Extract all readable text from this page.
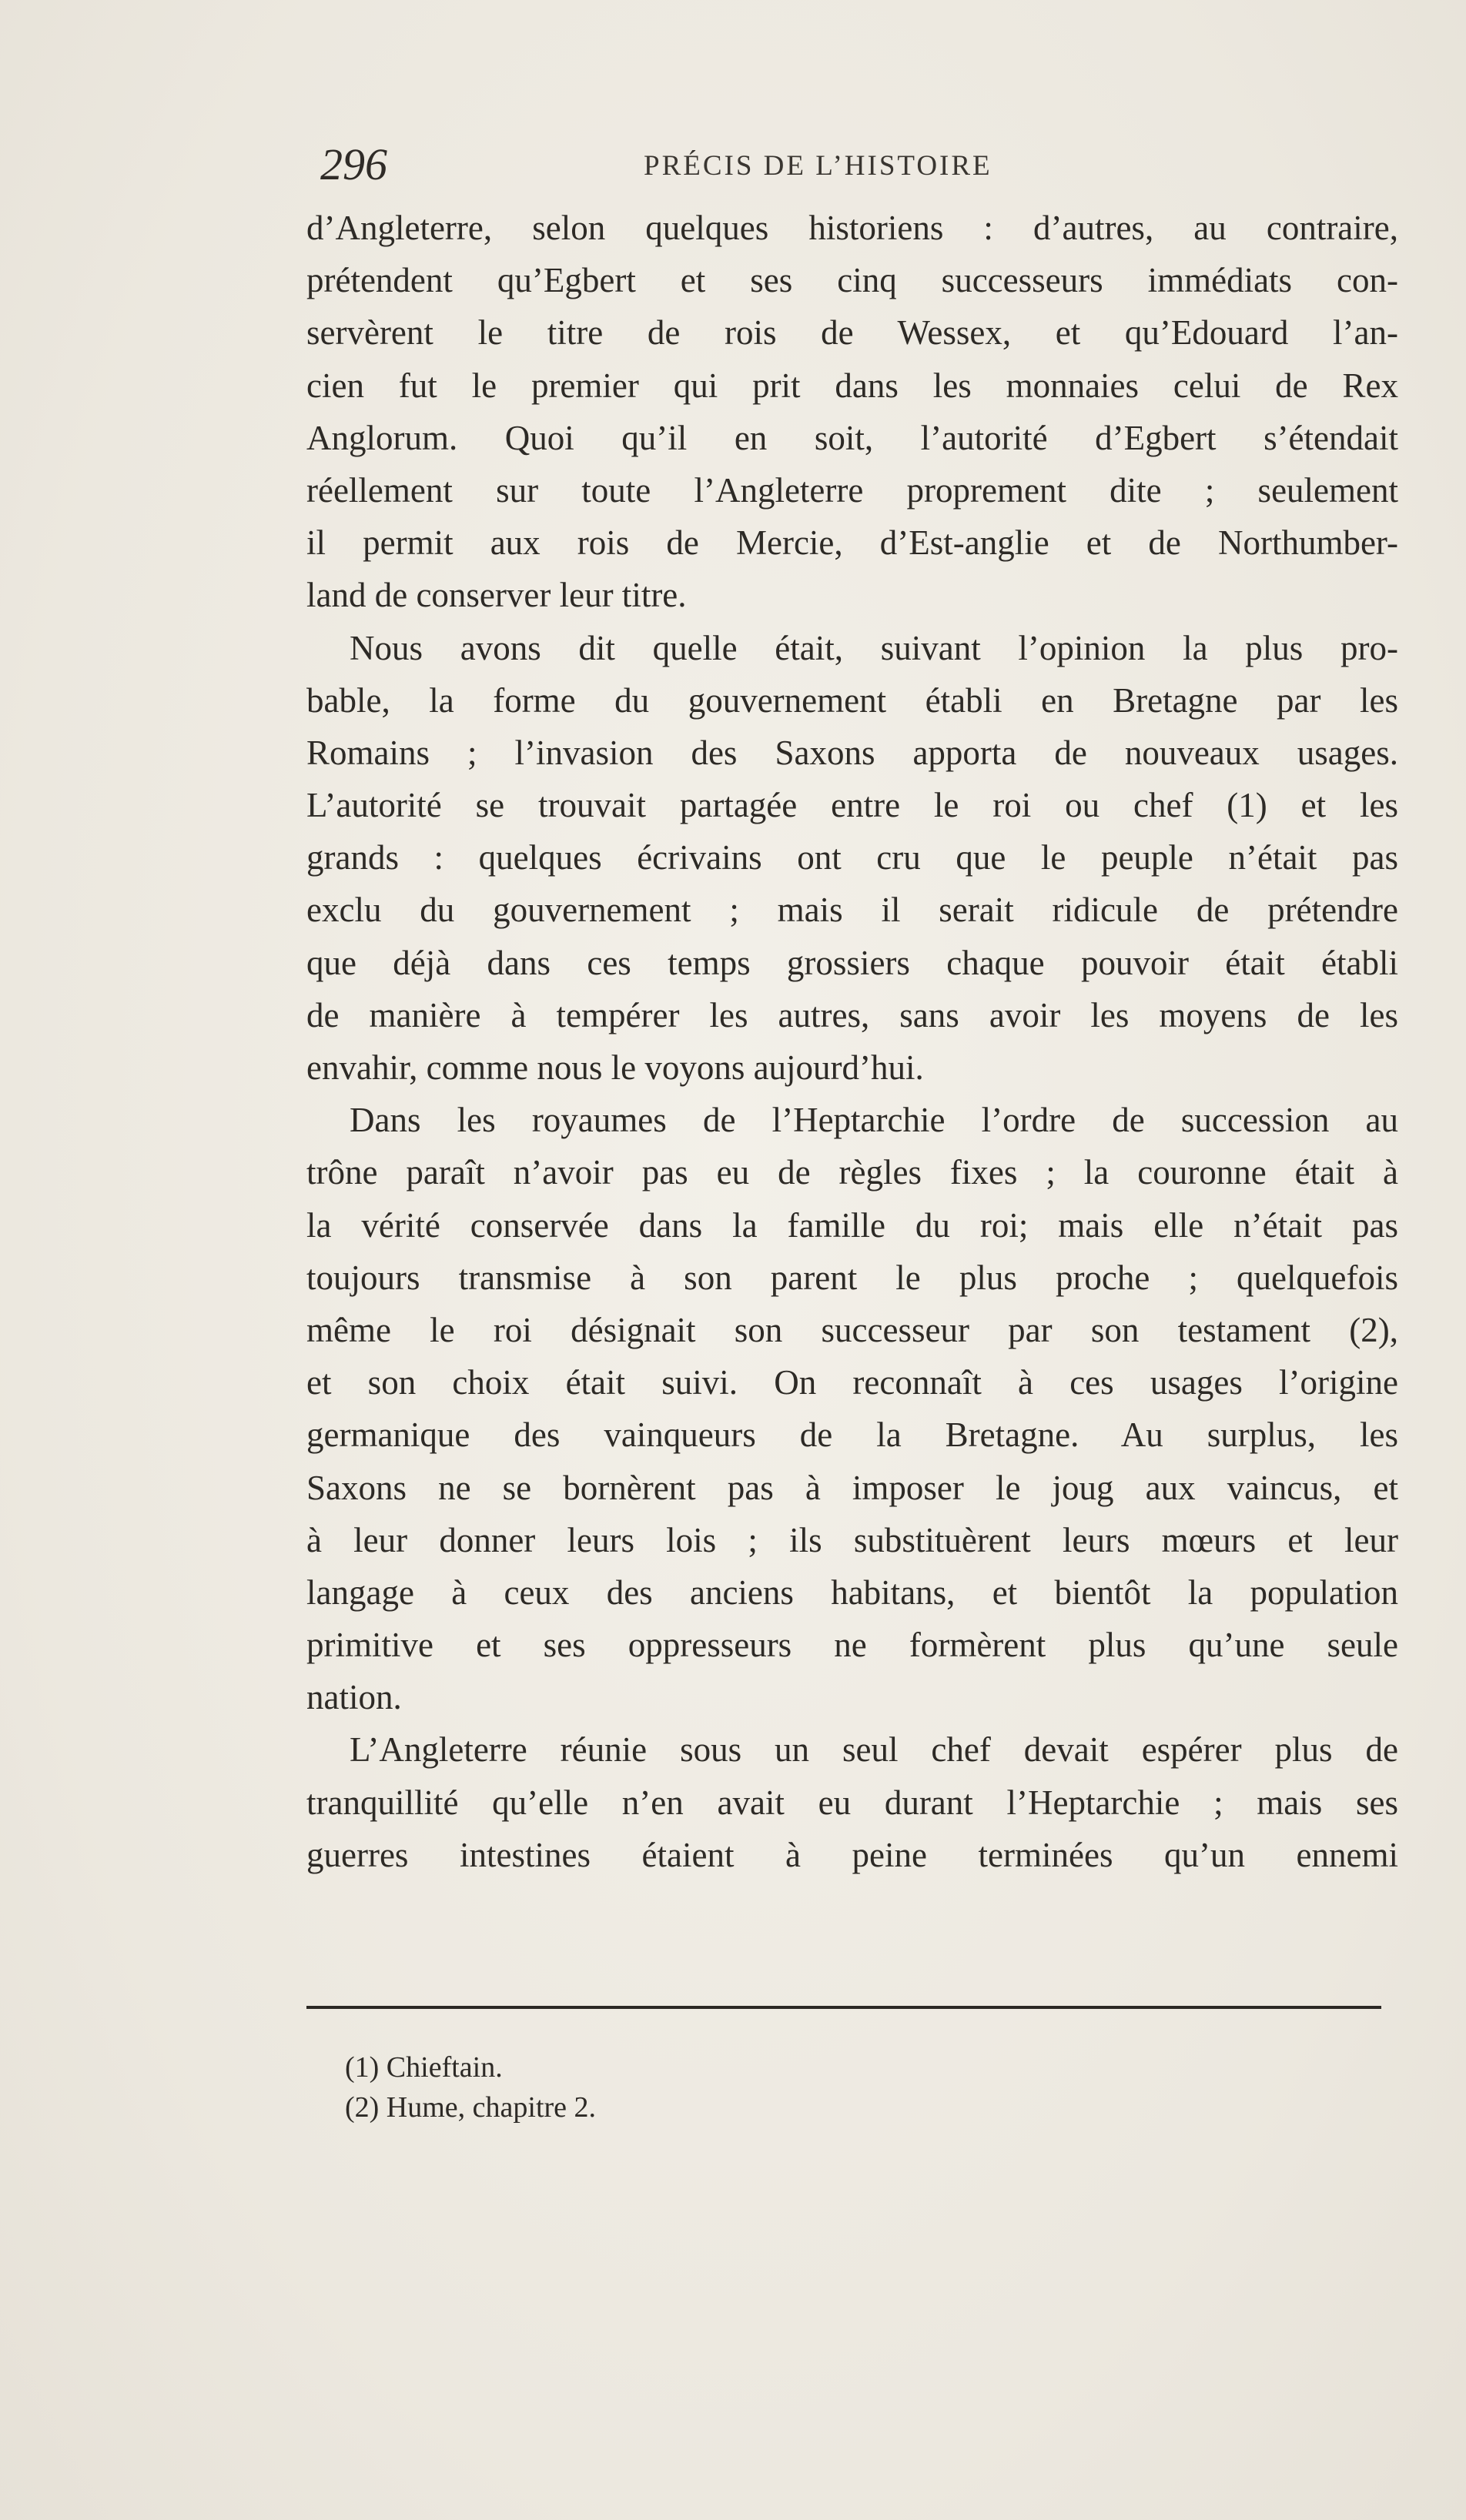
296	PRÉCIS DE L’HISTOIRE
d’Angleterre, selon quelques historiens : d’autres, au contraire,
prétendent qu’Egbert et ses cinq successeurs immédiats con-
servèrent le titre de rois de Wessex, et qu’Edouard l’an-
cien fut le premier qui prit dans les monnaies celui de Rex
Anglorum. Quoi qu’il en soit, l’autorité d’Egbert s’étendait
réellement sur toute l’Angleterre proprement dite ; seulement
il permit aux rois de Mercie, d’Est-anglie et de Northumber-
land de conserver leur titre.
Nous avons dit quelle était, suivant l’opinion la plus pro-
bable, la forme du gouvernement établi en Bretagne par les
Romains ; l’invasion des Saxons apporta de nouveaux usages.
L’autorité se trouvait partagée entre le roi ou chef (1) et les
grands : quelques écrivains ont cru que le peuple n’était pas
exclu du gouvernement ; mais il serait ridicule de prétendre
que déjà dans ces temps grossiers chaque pouvoir était établi
de manière à tempérer les autres, sans avoir les moyens de les
envahir, comme nous le voyons aujourd’hui.
Dans les royaumes de l’Heptarchie l’ordre de succession au
trône paraît n’avoir pas eu de règles fixes ; la couronne était à
la vérité conservée dans la famille du roi; mais elle n’était pas
toujours transmise à son parent le plus proche ; quelquefois
même le roi désignait son successeur par son testament (2),
et son choix était suivi. On reconnaît à ces usages l’origine
germanique des vainqueurs de la Bretagne. Au surplus, les
Saxons ne se bornèrent pas à imposer le joug aux vaincus, et
à leur donner leurs lois ; ils substituèrent leurs mœurs et leur
langage à ceux des anciens habitans, et bientôt la population
primitive et ses oppresseurs ne formèrent plus qu’une seule
nation.
L’Angleterre réunie sous un seul chef devait espérer plus de
tranquillité qu’elle n’en avait eu durant l’Heptarchie ; mais ses
guerres intestines étaient à peine terminées qu’un ennemi
(1) Chieftain.
(2) Hume, chapitre 2.
